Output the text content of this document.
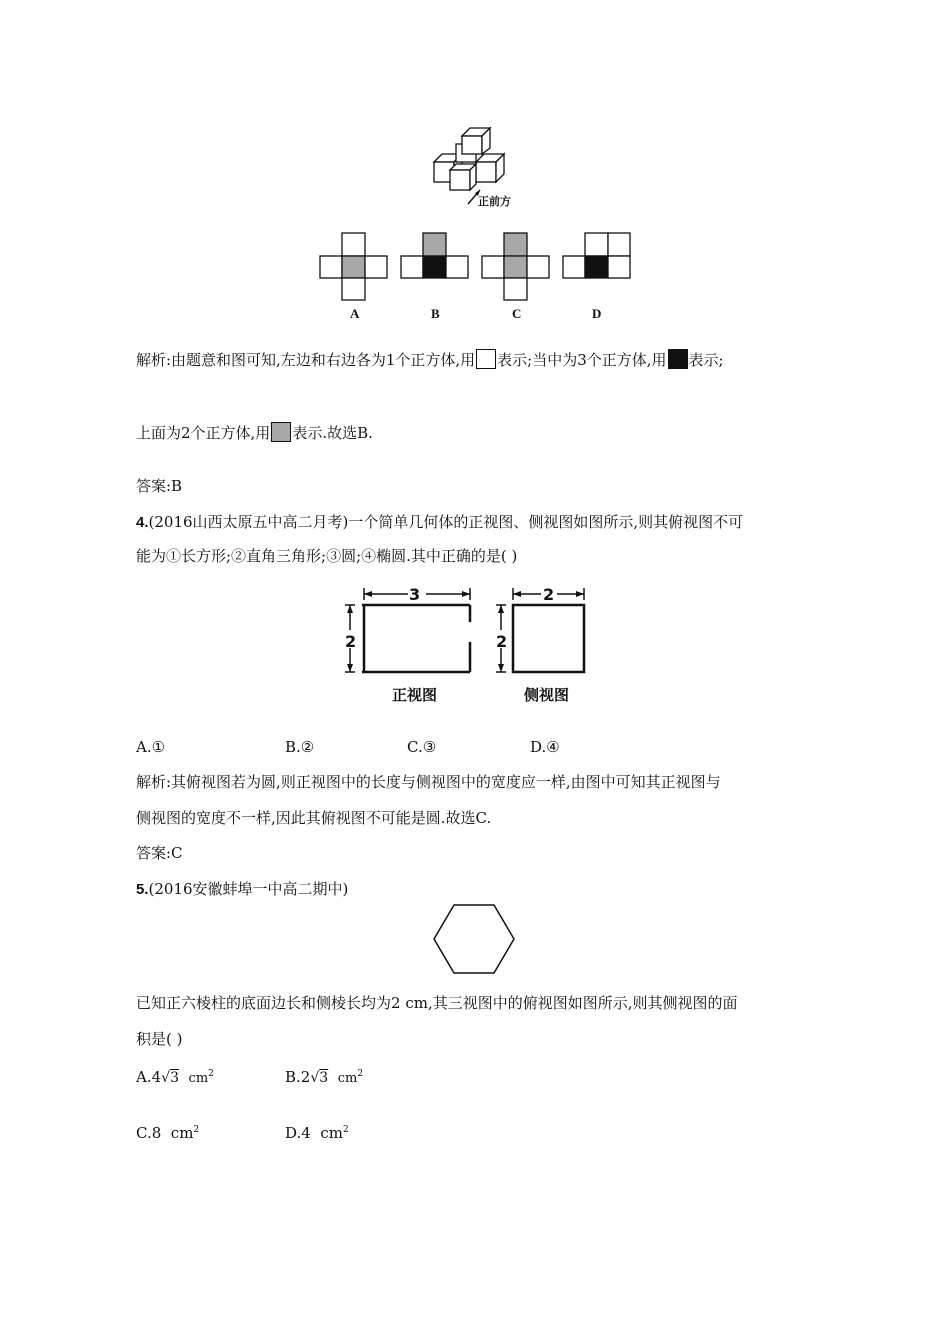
正前方
A	B	C	D
解析:由题意和图可知,左边和右边各为1个正方体,用 表示;当中为3个正方体,用 表示;
上面为2个正方体,用 表示.故选B.
答案:B
4.(2016山西太原五中高二月考)一个简单几何体的正视图、侧视图如图所示,则其俯视图不可
能为①长方形;②直角三角形;③圆;④椭圆.其中正确的是( )
3
2
正视图
2
2
侧视图
A.①	B.②	C.③	D.④
解析:其俯视图若为圆,则正视图中的长度与侧视图中的宽度应一样,由图中可知其正视图与
侧视图的宽度不一样,因此其俯视图不可能是圆.故选C.
答案:C
5.(2016安徽蚌埠一中高二期中)
已知正六棱柱的底面边长和侧棱长均为2 cm,其三视图中的俯视图如图所示,则其侧视图的面
积是( )
A.4√3 $cm^2$	B.2√3 $cm^2$
C.8  $cm^2$	D.4  $cm^2$
